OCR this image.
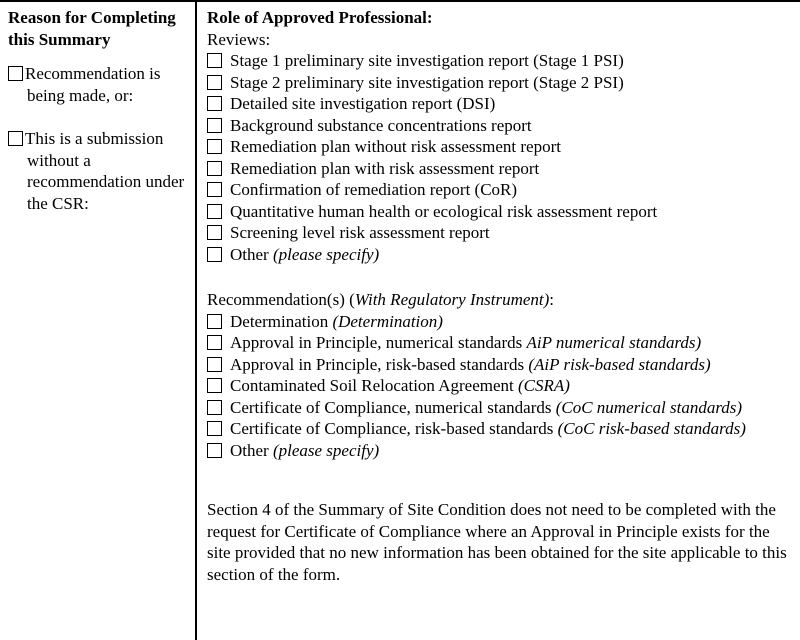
Reason for Completing this Summary
Recommendation is being made, or:
This is a submission without a recommendation under the CSR:
Role of Approved Professional:
Reviews:
Stage 1 preliminary site investigation report (Stage 1 PSI)
Stage 2 preliminary site investigation report (Stage 2 PSI)
Detailed site investigation report (DSI)
Background substance concentrations report
Remediation plan without risk assessment report
Remediation plan with risk assessment report
Confirmation of remediation report (CoR)
Quantitative human health or ecological risk assessment report
Screening level risk assessment report
Other (please specify)
Recommendation(s) (With Regulatory Instrument):
Determination (Determination)
Approval in Principle, numerical standards AiP numerical standards)
Approval in Principle, risk-based standards (AiP risk-based standards)
Contaminated Soil Relocation Agreement (CSRA)
Certificate of Compliance, numerical standards (CoC numerical standards)
Certificate of Compliance, risk-based standards (CoC risk-based standards)
Other (please specify)

Section 4 of the Summary of Site Condition does not need to be completed with the request for Certificate of Compliance where an Approval in Principle exists for the site provided that no new information has been obtained for the site applicable to this section of the form.
